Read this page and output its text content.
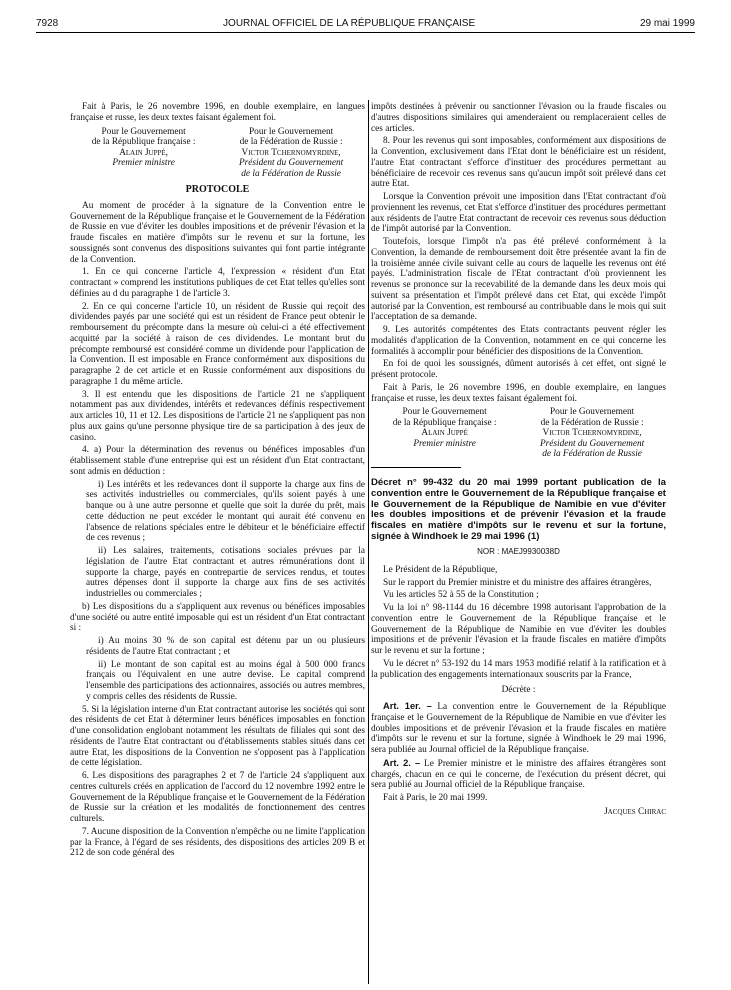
7928	JOURNAL OFFICIEL DE LA RÉPUBLIQUE FRANÇAISE	29 mai 1999

Fait à Paris, le 26 novembre 1996, en double exemplaire, en langues française et russe, les deux textes faisant également foi.

Pour le Gouvernement
de la République française :
Alain Juppé,
Premier ministre
Pour le Gouvernement
de la Fédération de Russie :
Victor Tchernomyrdine,
Président du Gouvernement
de la Fédération de Russie
PROTOCOLE

Au moment de procéder à la signature de la Convention entre le Gouvernement de la République française et le Gouvernement de la Fédération de Russie en vue d'éviter les doubles impositions et de prévenir l'évasion et la fraude fiscales en matière d'impôts sur le revenu et sur la fortune, les soussignés sont convenus des dispositions suivantes qui font partie intégrante de la Convention.

1. En ce qui concerne l'article 4, l'expression « résident d'un Etat contractant » comprend les institutions publiques de cet Etat telles qu'elles sont définies au d du paragraphe 1 de l'article 3.

2. En ce qui concerne l'article 10, un résident de Russie qui reçoit des dividendes payés par une société qui est un résident de France peut obtenir le remboursement du précompte dans la mesure où celui-ci a été effectivement acquitté par la société à raison de ces dividendes. Le montant brut du précompte remboursé est considéré comme un dividende pour l'application de la Convention. Il est imposable en France conformément aux dispositions du paragraphe 2 de cet article et en Russie conformément aux dispositions du paragraphe 1 du même article.

3. Il est entendu que les dispositions de l'article 21 ne s'appliquent notamment pas aux dividendes, intérêts et redevances définis respectivement aux articles 10, 11 et 12. Les dispositions de l'article 21 ne s'appliquent pas non plus aux gains qu'une personne physique tire de sa participation à des jeux de casino.

4. a) Pour la détermination des revenus ou bénéfices imposables d'un établissement stable d'une entreprise qui est un résident d'un Etat contractant, sont admis en déduction :

i) Les intérêts et les redevances dont il supporte la charge aux fins de ses activités industrielles ou commerciales, qu'ils soient payés à une banque ou à une autre personne et quelle que soit la durée du prêt, mais cette déduction ne peut excéder le montant qui aurait été convenu en l'absence de relations spéciales entre le débiteur et le bénéficiaire effectif de ces revenus ;

ii) Les salaires, traitements, cotisations sociales prévues par la législation de l'autre Etat contractant et autres rémunérations dont il supporte la charge, payés en contrepartie de services rendus, et toutes autres dépenses dont il supporte la charge aux fins de ses activités industrielles ou commerciales ;

b) Les dispositions du a s'appliquent aux revenus ou bénéfices imposables d'une société ou autre entité imposable qui est un résident d'un Etat contractant si :

i) Au moins 30 % de son capital est détenu par un ou plusieurs résidents de l'autre Etat contractant ; et

ii) Le montant de son capital est au moins égal à 500 000 francs français ou l'équivalent en une autre devise. Le capital comprend l'ensemble des participations des actionnaires, associés ou autres membres, y compris celles des résidents de Russie.

5. Si la législation interne d'un Etat contractant autorise les sociétés qui sont des résidents de cet Etat à déterminer leurs bénéfices imposables en fonction d'une consolidation englobant notamment les résultats de filiales qui sont des résidents de l'autre Etat contractant ou d'établissements stables situés dans cet autre Etat, les dispositions de la Convention ne s'opposent pas à l'application de cette législation.

6. Les dispositions des paragraphes 2 et 7 de l'article 24 s'appliquent aux centres culturels créés en application de l'accord du 12 novembre 1992 entre le Gouvernement de la République française et le Gouvernement de la Fédération de Russie sur la création et les modalités de fonctionnement des centres culturels.

7. Aucune disposition de la Convention n'empêche ou ne limite l'application par la France, à l'égard de ses résidents, des dispositions des articles 209 B et 212 de son code général des

impôts destinées à prévenir ou sanctionner l'évasion ou la fraude fiscales ou d'autres dispositions similaires qui amenderaient ou remplaceraient celles de ces articles.

8. Pour les revenus qui sont imposables, conformément aux dispositions de la Convention, exclusivement dans l'Etat dont le bénéficiaire est un résident, l'autre Etat contractant s'efforce d'instituer des procédures permettant au bénéficiaire de recevoir ces revenus sans qu'aucun impôt soit prélevé dans cet autre Etat.

Lorsque la Convention prévoit une imposition dans l'Etat contractant d'où proviennent les revenus, cet Etat s'efforce d'instituer des procédures permettant aux résidents de l'autre Etat contractant de recevoir ces revenus sous déduction de l'impôt autorisé par la Convention.

Toutefois, lorsque l'impôt n'a pas été prélevé conformément à la Convention, la demande de remboursement doit être présentée avant la fin de la troisième année civile suivant celle au cours de laquelle les revenus ont été payés. L'administration fiscale de l'Etat contractant d'où proviennent les revenus se prononce sur la recevabilité de la demande dans les deux mois qui suivent sa présentation et l'impôt prélevé dans cet Etat, qui excède l'impôt autorisé par la Convention, est remboursé au contribuable dans le mois qui suit l'acceptation de sa demande.

9. Les autorités compétentes des Etats contractants peuvent régler les modalités d'application de la Convention, notamment en ce qui concerne les formalités à accomplir pour bénéficier des dispositions de la Convention.

En foi de quoi les soussignés, dûment autorisés à cet effet, ont signé le présent protocole.

Fait à Paris, le 26 novembre 1996, en double exemplaire, en langues française et russe, les deux textes faisant également foi.

Pour le Gouvernement
de la République française :
Alain Juppé
Premier ministre
Pour le Gouvernement
de la Fédération de Russie :
Victor Tchernomyrdine,
Président du Gouvernement
de la Fédération de Russie

Décret n° 99-432 du 20 mai 1999 portant publication de la convention entre le Gouvernement de la République française et le Gouvernement de la République de Namibie en vue d'éviter les doubles impositions et de prévenir l'évasion et la fraude fiscales en matière d'impôts sur le revenu et sur la fortune, signée à Windhoek le 29 mai 1996 (1)

NOR : MAEJ9930038D

Le Président de la République,

Sur le rapport du Premier ministre et du ministre des affaires étrangères,

Vu les articles 52 à 55 de la Constitution ;

Vu la loi n° 98-1144 du 16 décembre 1998 autorisant l'approbation de la convention entre le Gouvernement de la République française et le Gouvernement de la République de Namibie en vue d'éviter les doubles impositions et de prévenir l'évasion et la fraude fiscales en matière d'impôts sur le revenu et sur la fortune ;

Vu le décret n° 53-192 du 14 mars 1953 modifié relatif à la ratification et à la publication des engagements internationaux souscrits par la France,

Décrète :

Art. 1er. – La convention entre le Gouvernement de la République française et le Gouvernement de la République de Namibie en vue d'éviter les doubles impositions et de prévenir l'évasion et la fraude fiscales en matière d'impôts sur le revenu et sur la fortune, signée à Windhoek le 29 mai 1996, sera publiée au Journal officiel de la République française.

Art. 2. – Le Premier ministre et le ministre des affaires étrangères sont chargés, chacun en ce qui le concerne, de l'exécution du présent décret, qui sera publié au Journal officiel de la République française.

Fait à Paris, le 20 mai 1999.

Jacques Chirac
